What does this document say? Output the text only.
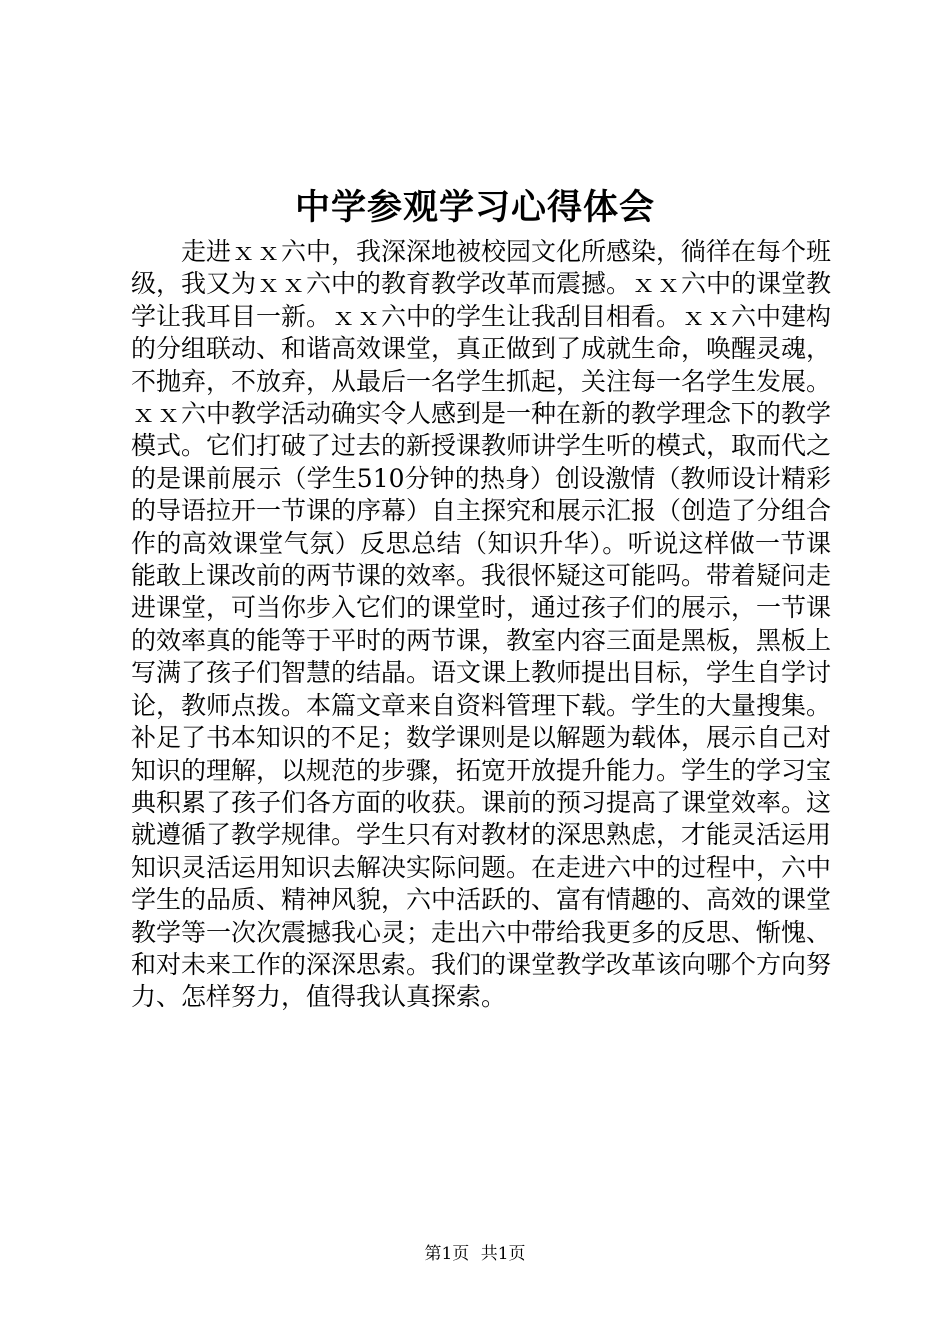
中学参观学习心得体会

走进ｘｘ六中，我深深地被校园文化所感染，徜徉在每个班级，我又为ｘｘ六中的教育教学改革而震撼。ｘｘ六中的课堂教学让我耳目一新。ｘｘ六中的学生让我刮目相看。ｘｘ六中建构的分组联动、和谐高效课堂，真正做到了成就生命，唤醒灵魂，不抛弃，不放弃，从最后一名学生抓起，关注每一名学生发展。ｘｘ六中教学活动确实令人感到是一种在新的教学理念下的教学模式。它们打破了过去的新授课教师讲学生听的模式，取而代之的是课前展示（学生510分钟的热身）创设激情（教师设计精彩的导语拉开一节课的序幕）自主探究和展示汇报（创造了分组合作的高效课堂气氛）反思总结（知识升华）。听说这样做一节课能敢上课改前的两节课的效率。我很怀疑这可能吗。带着疑问走进课堂，可当你步入它们的课堂时，通过孩子们的展示，一节课的效率真的能等于平时的两节课，教室内容三面是黑板，黑板上写满了孩子们智慧的结晶。语文课上教师提出目标，学生自学讨论，教师点拨。本篇文章来自资料管理下载。学生的大量搜集。补足了书本知识的不足；数学课则是以解题为载体，展示自己对知识的理解，以规范的步骤，拓宽开放提升能力。学生的学习宝典积累了孩子们各方面的收获。课前的预习提高了课堂效率。这就遵循了教学规律。学生只有对教材的深思熟虑，才能灵活运用知识灵活运用知识去解决实际问题。在走进六中的过程中，六中学生的品质、精神风貌，六中活跃的、富有情趣的、高效的课堂教学等一次次震撼我心灵；走出六中带给我更多的反思、惭愧、和对未来工作的深深思索。我们的课堂教学改革该向哪个方向努力、怎样努力，值得我认真探索。

第1页 共1页
